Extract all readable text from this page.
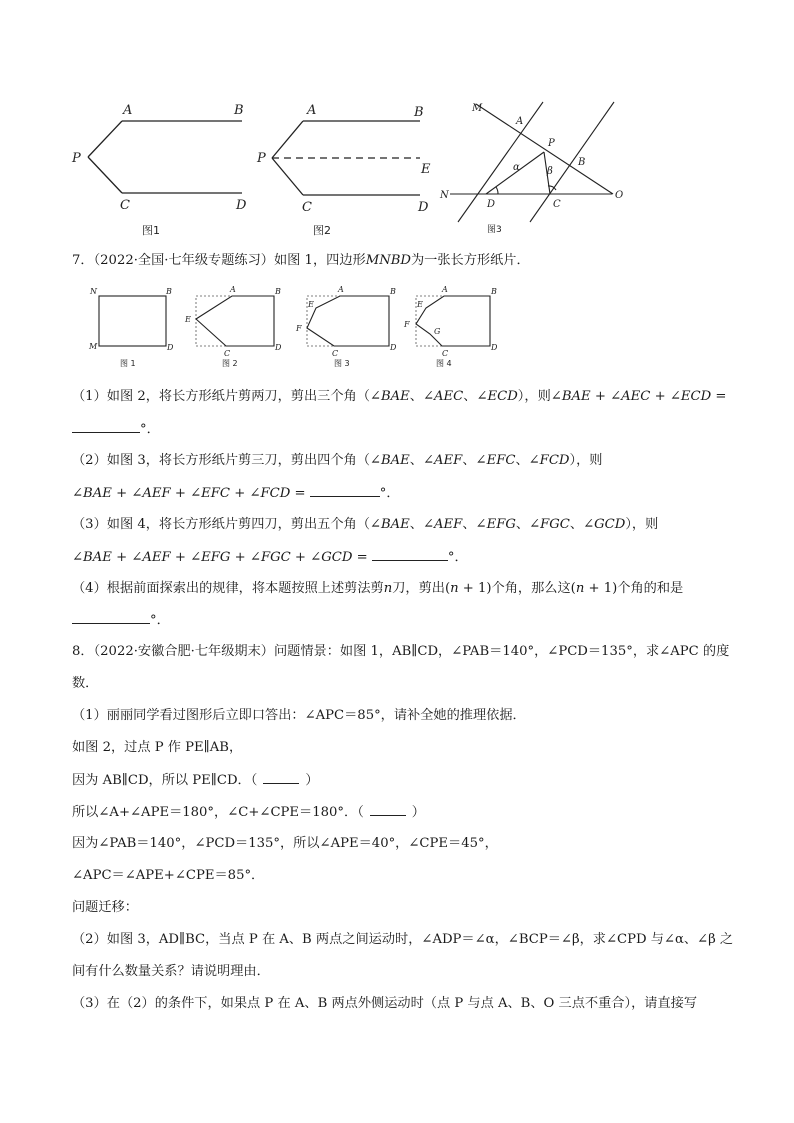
A	B
P
C	D
图1
A	B
P
E
C	D
图2
M
A
P
B
α	β
N
D	C
O
图3
7．（2022·全国·七年级专题练习）如图 1，四边形𝑀𝑁𝐵𝐷为一张长方形纸片．
N	B
M	D
图 1
A	B
E
C
D
图 2
A	B
E
F
C
D
图 3
A	B
E
F
G
C
D
图 4
（1）如图 2，将长方形纸片剪两刀，剪出三个角（∠𝐵𝐴𝐸、∠𝐴𝐸𝐶、∠𝐸𝐶𝐷），则∠𝐵𝐴𝐸 + ∠𝐴𝐸𝐶 + ∠𝐸𝐶𝐷 =
°．
（2）如图 3，将长方形纸片剪三刀，剪出四个角（∠𝐵𝐴𝐸、∠𝐴𝐸𝐹、∠𝐸𝐹𝐶、∠𝐹𝐶𝐷），则
∠𝐵𝐴𝐸 + ∠𝐴𝐸𝐹 + ∠𝐸𝐹𝐶 + ∠𝐹𝐶𝐷 =	°．
（3）如图 4，将长方形纸片剪四刀，剪出五个角（∠𝐵𝐴𝐸、∠𝐴𝐸𝐹、∠𝐸𝐹𝐺、∠𝐹𝐺𝐶、∠𝐺𝐶𝐷），则
∠𝐵𝐴𝐸 + ∠𝐴𝐸𝐹 + ∠𝐸𝐹𝐺 + ∠𝐹𝐺𝐶 + ∠𝐺𝐶𝐷 =	°．
（4）根据前面探索出的规律，将本题按照上述剪法剪𝑛刀，剪出(𝑛 + 1)个角，那么这(𝑛 + 1)个角的和是
°．
8．（2022·安徽合肥·七年级期末）问题情景：如图 1，AB∥CD，∠PAB＝140°，∠PCD＝135°，求∠APC 的度
数．
（1）丽丽同学看过图形后立即口答出：∠APC＝85°，请补全她的推理依据．
如图 2，过点 P 作 PE∥AB，
因为 AB∥CD，所以 PE∥CD．（	）
所以∠A+∠APE＝180°，∠C+∠CPE＝180°．（	）
因为∠PAB＝140°，∠PCD＝135°，所以∠APE＝40°，∠CPE＝45°，
∠APC＝∠APE+∠CPE＝85°．
问题迁移：
（2）如图 3，AD∥BC，当点 P 在 A、B 两点之间运动时，∠ADP＝∠α，∠BCP＝∠β，求∠CPD 与∠α、∠β 之
间有什么数量关系？请说明理由．
（3）在（2）的条件下，如果点 P 在 A、B 两点外侧运动时（点 P 与点 A、B、O 三点不重合），请直接写
